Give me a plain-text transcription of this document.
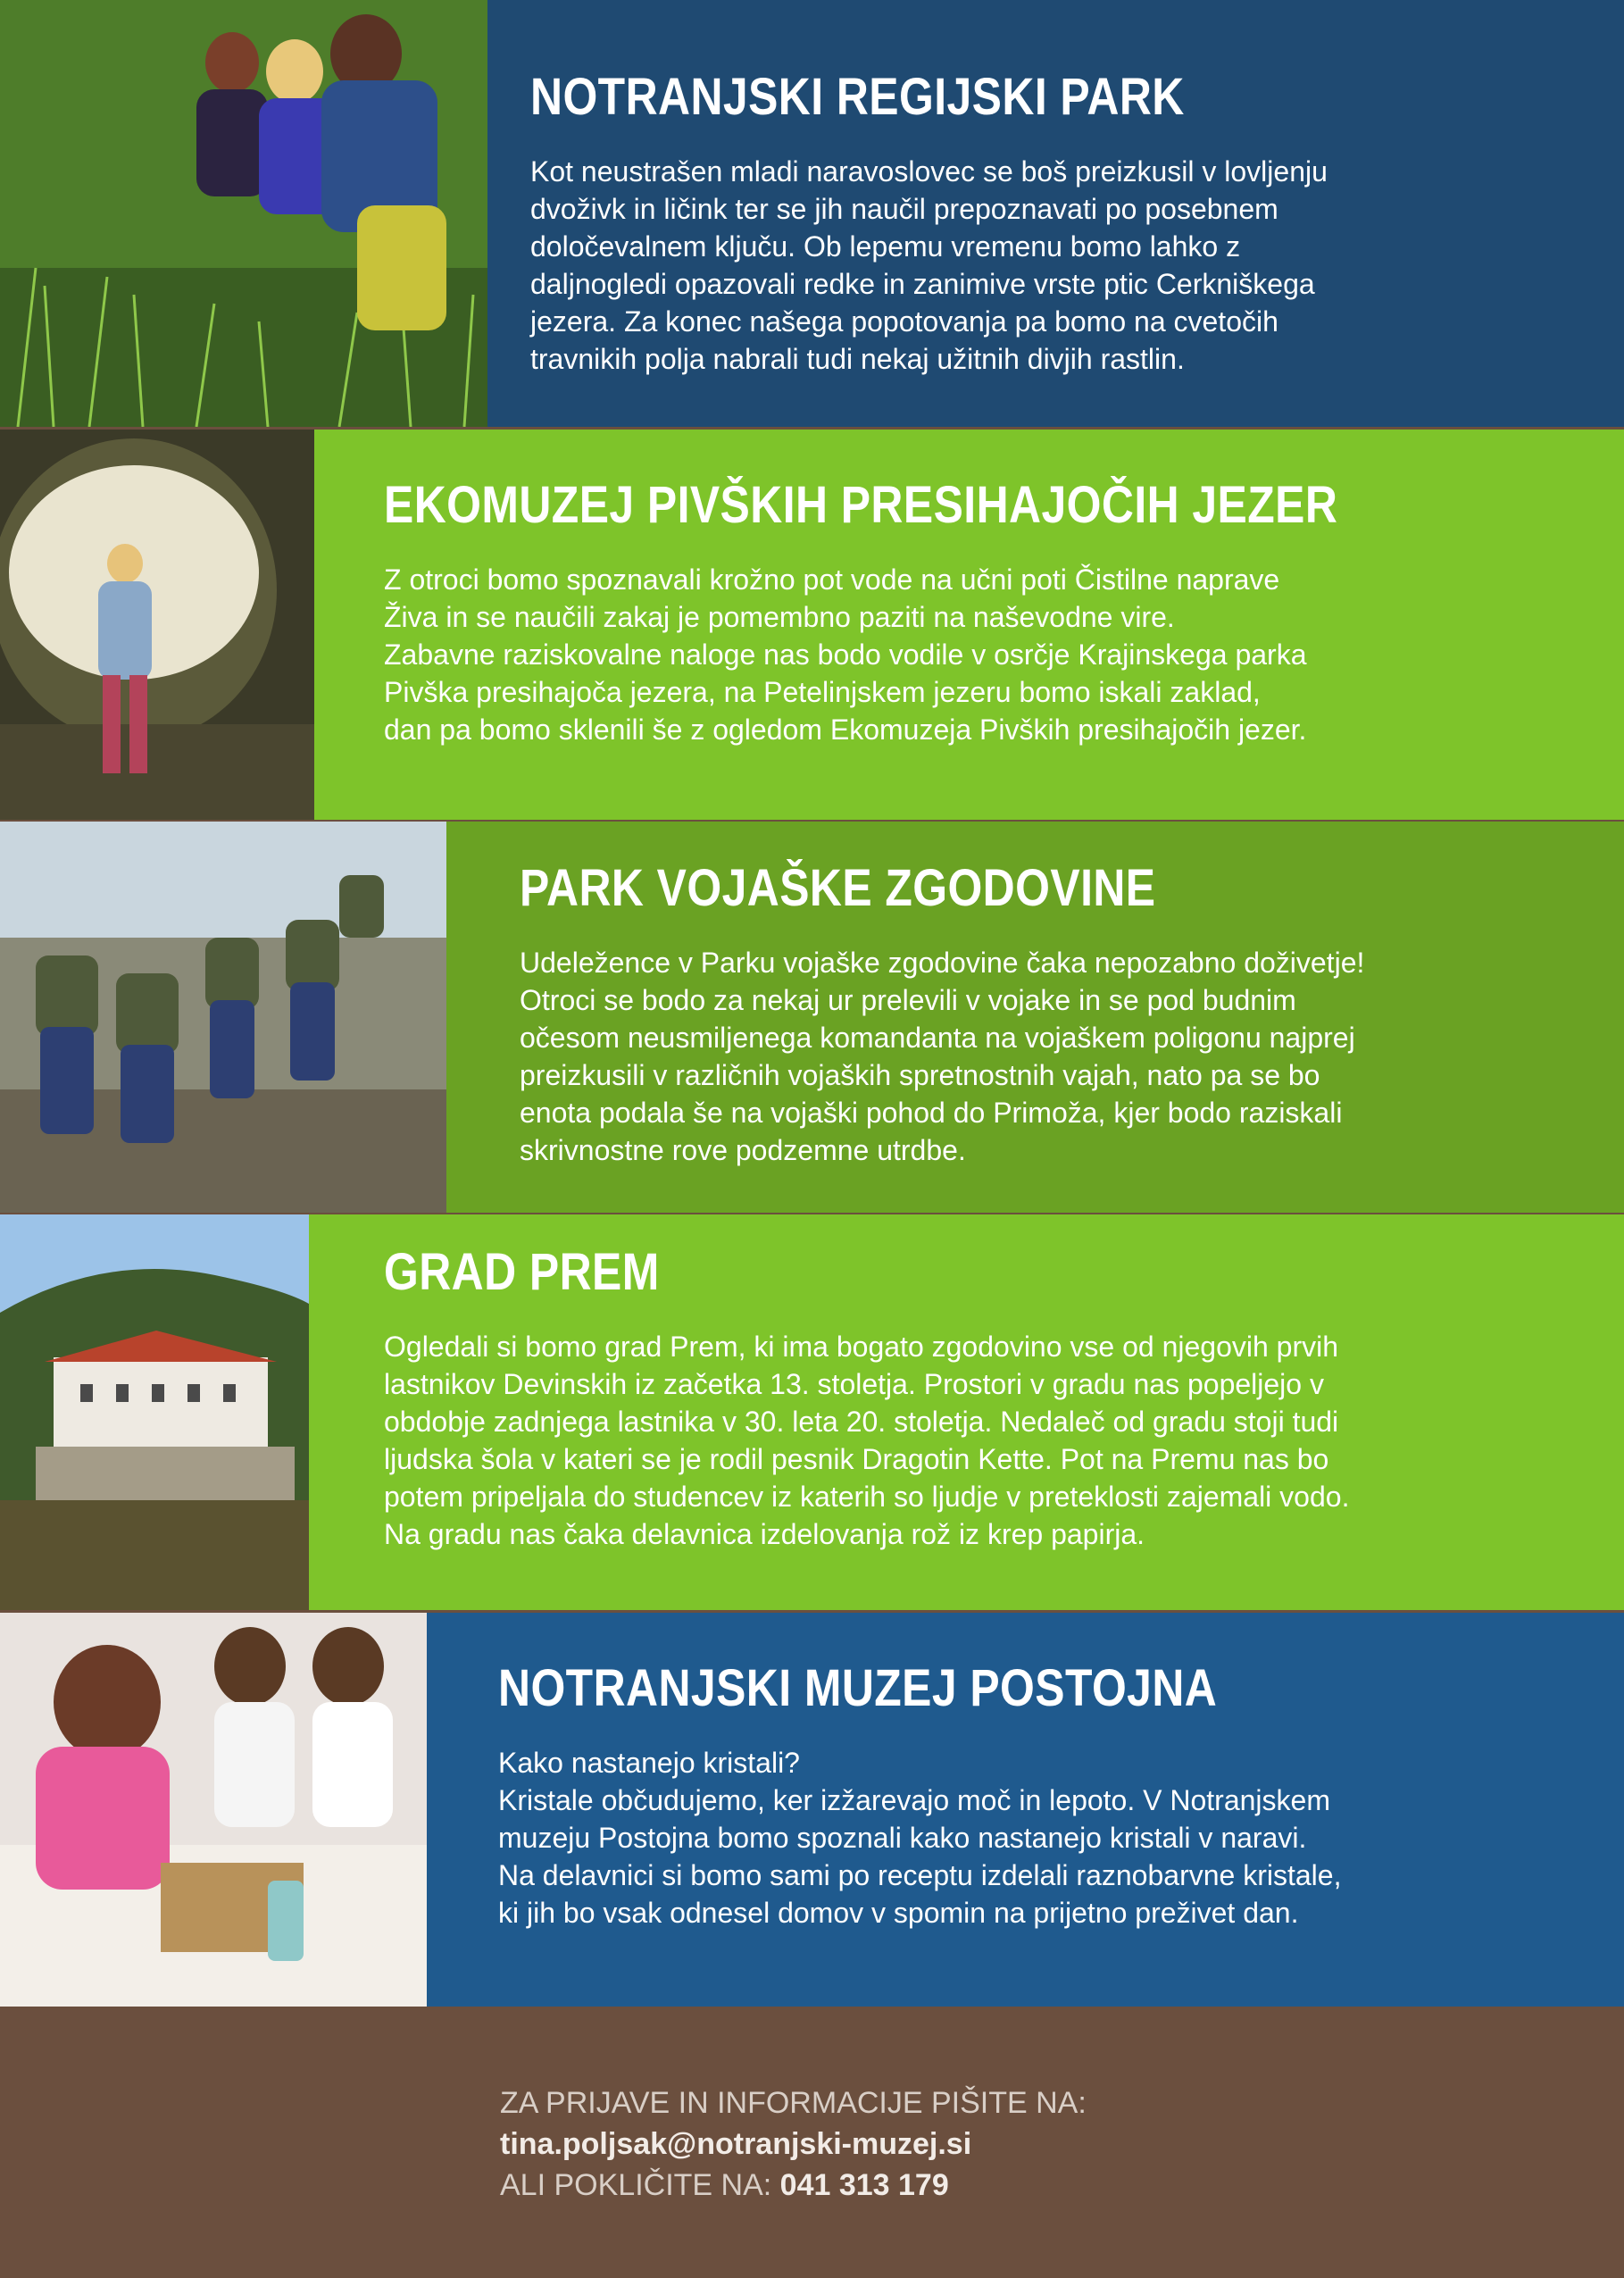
NOTRANJSKI REGIJSKI PARK
Kot neustrašen mladi naravoslovec se boš preizkusil v lovljenju
dvoživk in ličink ter se jih naučil prepoznavati po posebnem
določevalnem ključu. Ob lepemu vremenu bomo lahko z
daljnogledi opazovali redke in zanimive vrste ptic Cerkniškega
jezera. Za konec našega popotovanja pa bomo na cvetočih
travnikih polja nabrali tudi nekaj užitnih divjih rastlin.
EKOMUZEJ PIVŠKIH PRESIHAJOČIH JEZER
Z otroci bomo spoznavali krožno pot vode na učni poti Čistilne naprave
Živa in se naučili zakaj je pomembno paziti na naševodne vire.
Zabavne raziskovalne naloge nas bodo vodile v osrčje Krajinskega parka
Pivška presihajoča jezera, na Petelinjskem jezeru bomo iskali zaklad,
dan pa bomo sklenili še z ogledom Ekomuzeja Pivških presihajočih jezer.
PARK VOJAŠKE ZGODOVINE
Udeležence v Parku vojaške zgodovine čaka nepozabno doživetje!
Otroci se bodo za nekaj ur prelevili v vojake in se pod budnim
očesom neusmiljenega komandanta na vojaškem poligonu najprej
preizkusili v različnih vojaških spretnostnih vajah, nato pa se bo
enota podala še na vojaški pohod do Primoža, kjer bodo raziskali
skrivnostne rove podzemne utrdbe.
GRAD PREM
Ogledali si bomo grad Prem, ki ima bogato zgodovino vse od njegovih prvih
lastnikov Devinskih iz začetka 13. stoletja. Prostori v gradu nas popeljejo v
obdobje zadnjega lastnika v 30. leta 20. stoletja. Nedaleč od gradu stoji tudi
ljudska šola v kateri se je rodil pesnik Dragotin Kette. Pot na Premu nas bo
potem pripeljala do studencev iz katerih so ljudje v preteklosti zajemali vodo.
Na gradu nas čaka delavnica izdelovanja rož iz krep papirja.
NOTRANJSKI MUZEJ POSTOJNA
Kako nastanejo kristali?
Kristale občudujemo, ker izžarevajo moč in lepoto. V Notranjskem
muzeju Postojna bomo spoznali kako nastanejo kristali v naravi.
Na delavnici si bomo sami po receptu izdelali raznobarvne kristale,
ki jih bo vsak odnesel domov v spomin na prijetno preživet dan.
ZA PRIJAVE IN INFORMACIJE PIŠITE NA:
tina.poljsak@notranjski-muzej.si
ALI POKLIČITE NA: 041 313 179
